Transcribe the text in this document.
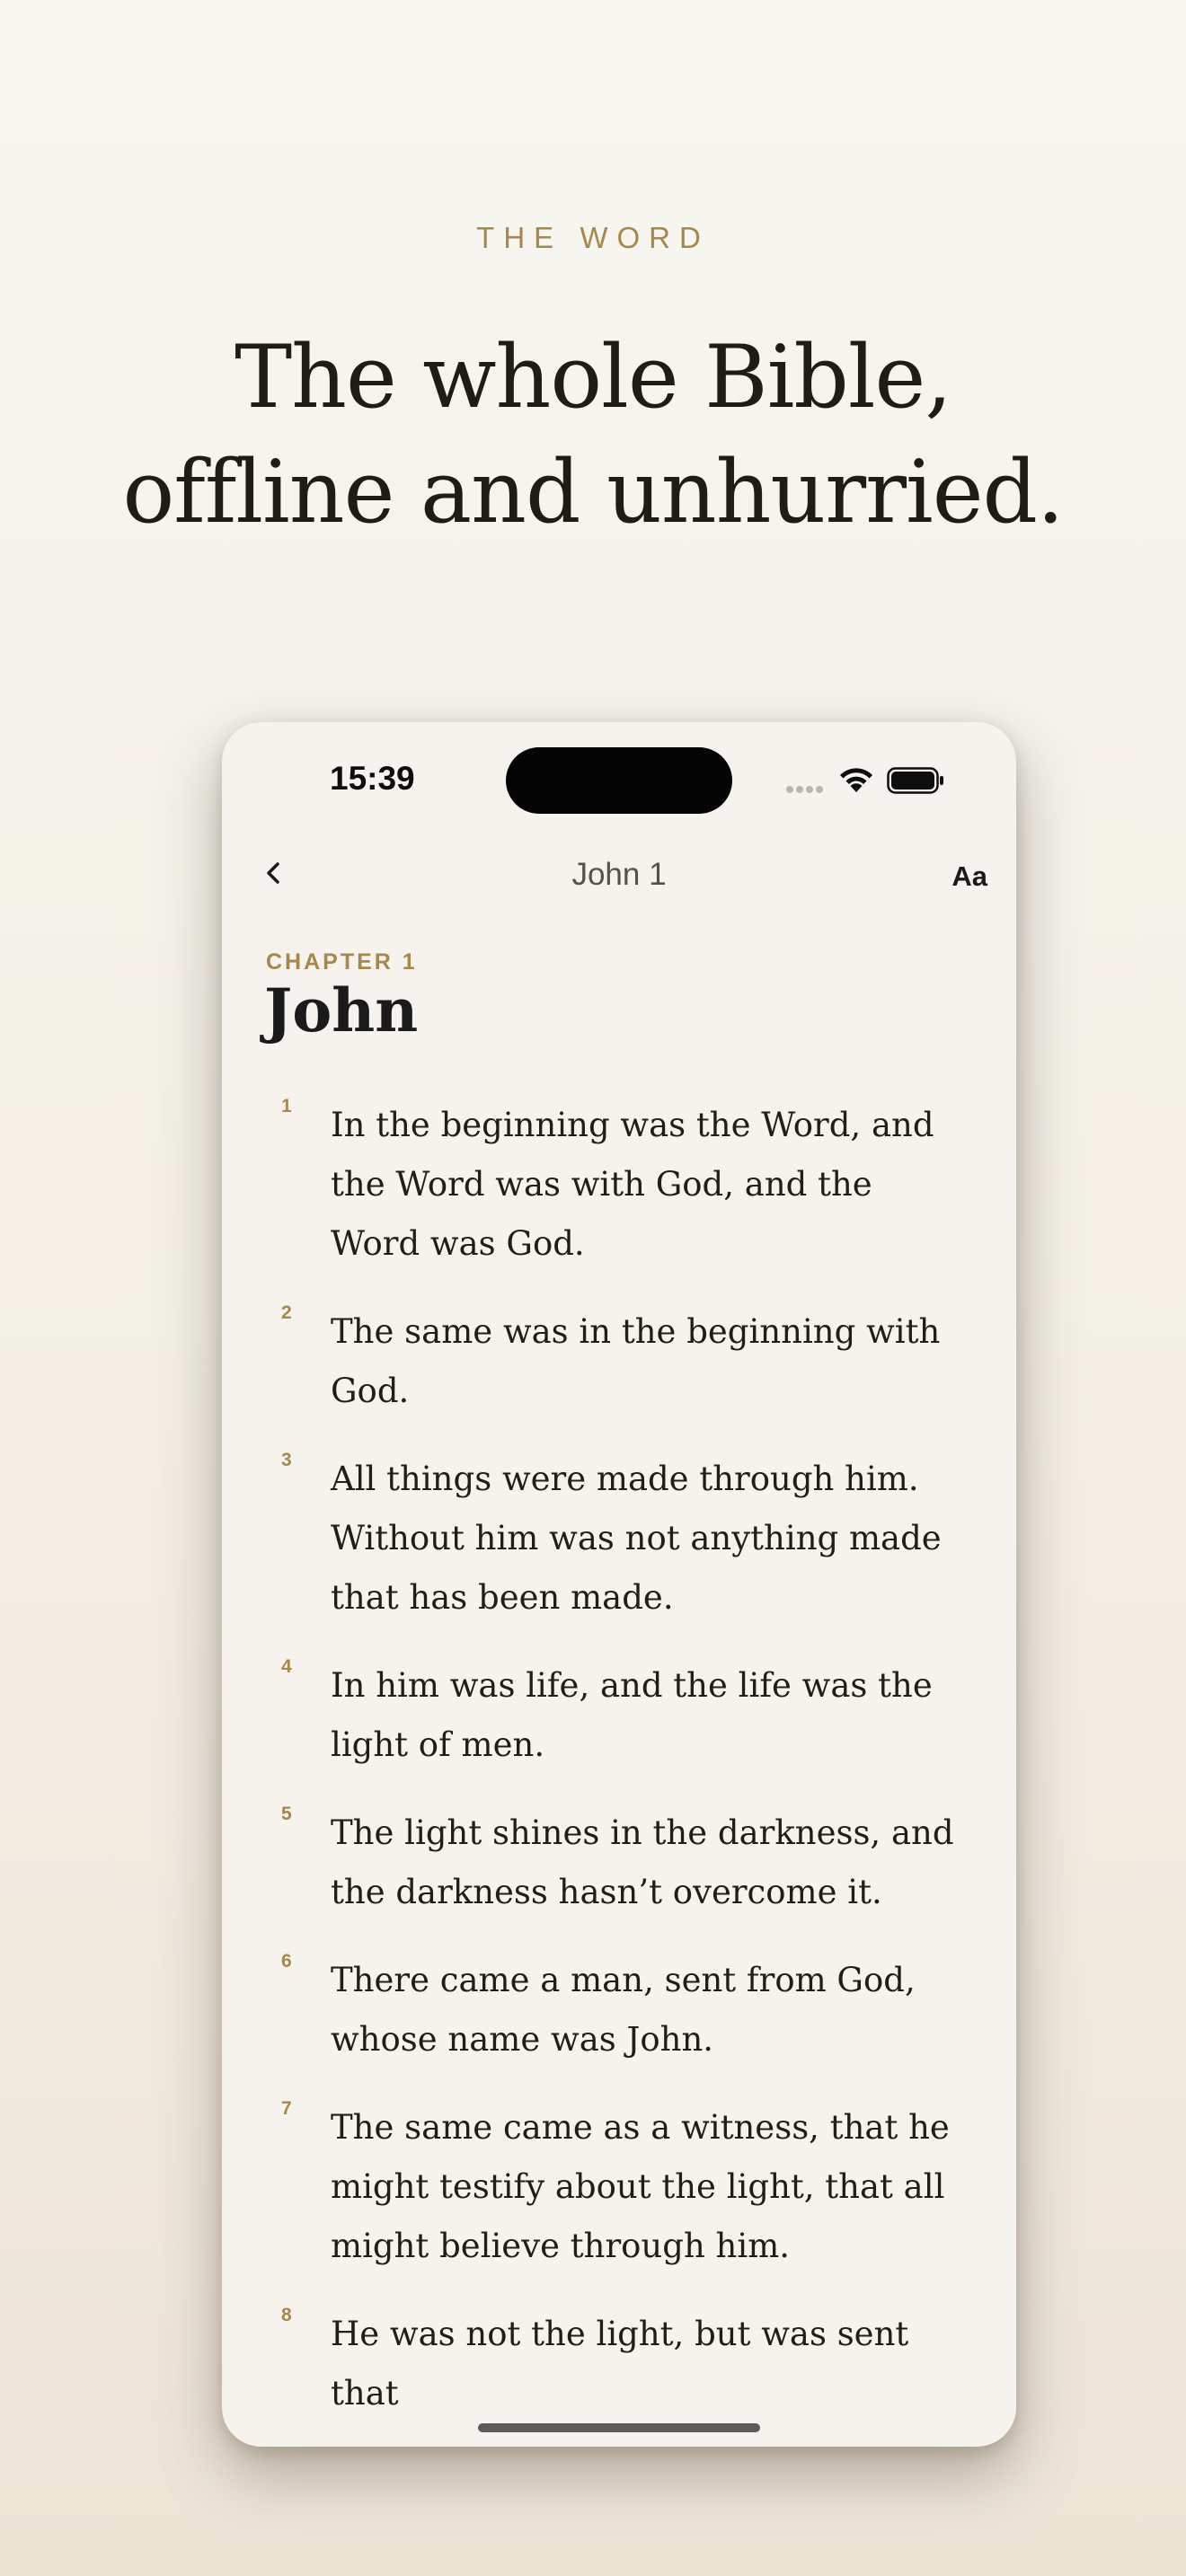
THE WORD
The whole Bible,
offline and unhurried.
15:39
John 1	Aa
CHAPTER 1
John
1 In the beginning was the Word, and the Word was with God, and the Word was God.

2 The same was in the beginning with God.

3 All things were made through him. Without him was not anything made that has been made.

4 In him was life, and the life was the light of men.

5 The light shines in the darkness, and the darkness hasn’t overcome it.

6 There came a man, sent from God, whose name was John.

7 The same came as a witness, that he might testify about the light, that all might believe through him.

8 He was not the light, but was sent that
